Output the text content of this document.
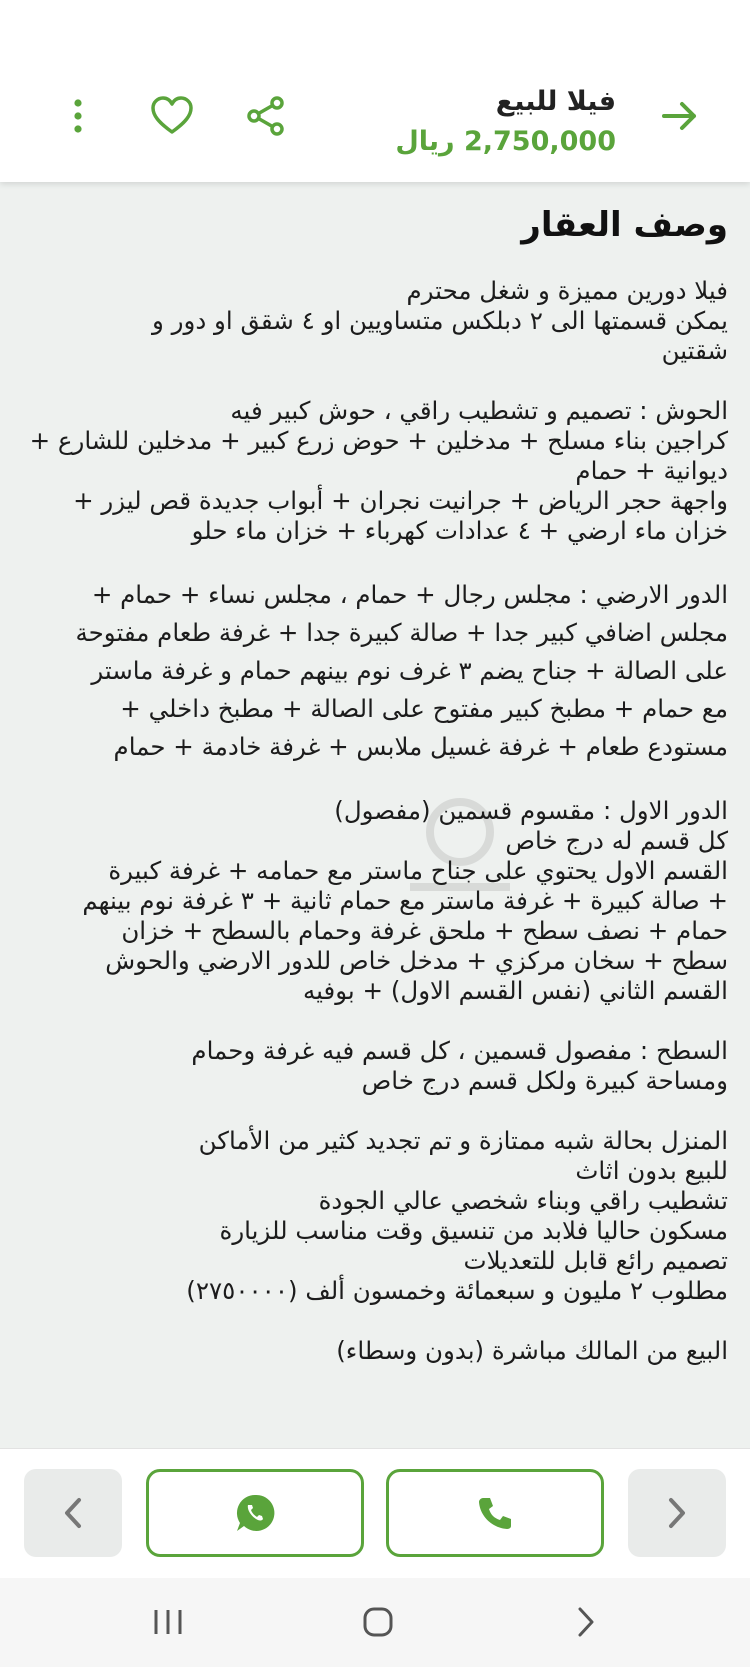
فيلا للبيع
2,750,000 ريال
وصف العقار
فيلا دورين مميزة و شغل محترم
يمكن قسمتها الى ٢ دبلكس متساويين او ٤ شقق او دور و
شقتين
الحوش : تصميم و تشطيب راقي ، حوش كبير فيه
كراجين بناء مسلح + مدخلين + حوض زرع كبير + مدخلين للشارع +
ديوانية + حمام
واجهة حجر الرياض + جرانيت نجران + أبواب جديدة قص ليزر +
خزان ماء ارضي + ٤ عدادات كهرباء + خزان ماء حلو
الدور الارضي : مجلس رجال + حمام ، مجلس نساء + حمام +
مجلس اضافي كبير جدا + صالة كبيرة جدا + غرفة طعام مفتوحة
على الصالة + جناح يضم ٣ غرف نوم بينهم حمام و غرفة ماستر
مع حمام + مطبخ كبير مفتوح على الصالة + مطبخ داخلي +
مستودع طعام + غرفة غسيل ملابس + غرفة خادمة + حمام
الدور الاول : مقسوم قسمين (مفصول)
كل قسم له درج خاص
القسم الاول يحتوي على جناح ماستر مع حمامه + غرفة كبيرة
+ صالة كبيرة + غرفة ماستر مع حمام ثانية + ٣ غرفة نوم بينهم
حمام + نصف سطح + ملحق غرفة وحمام بالسطح + خزان
سطح + سخان مركزي + مدخل خاص للدور الارضي والحوش
القسم الثاني (نفس القسم الاول) + بوفيه
السطح : مفصول قسمين ، كل قسم فيه غرفة وحمام
ومساحة كبيرة ولكل قسم درج خاص
المنزل بحالة شبه ممتازة و تم تجديد كثير من الأماكن
للبيع بدون اثاث
تشطيب راقي وبناء شخصي عالي الجودة
مسكون حاليا فلابد من تنسيق وقت مناسب للزيارة
تصميم رائع قابل للتعديلات
مطلوب ٢ مليون و سبعمائة وخمسون ألف (٢٧٥٠٠٠٠)
البيع من المالك مباشرة (بدون وسطاء)
